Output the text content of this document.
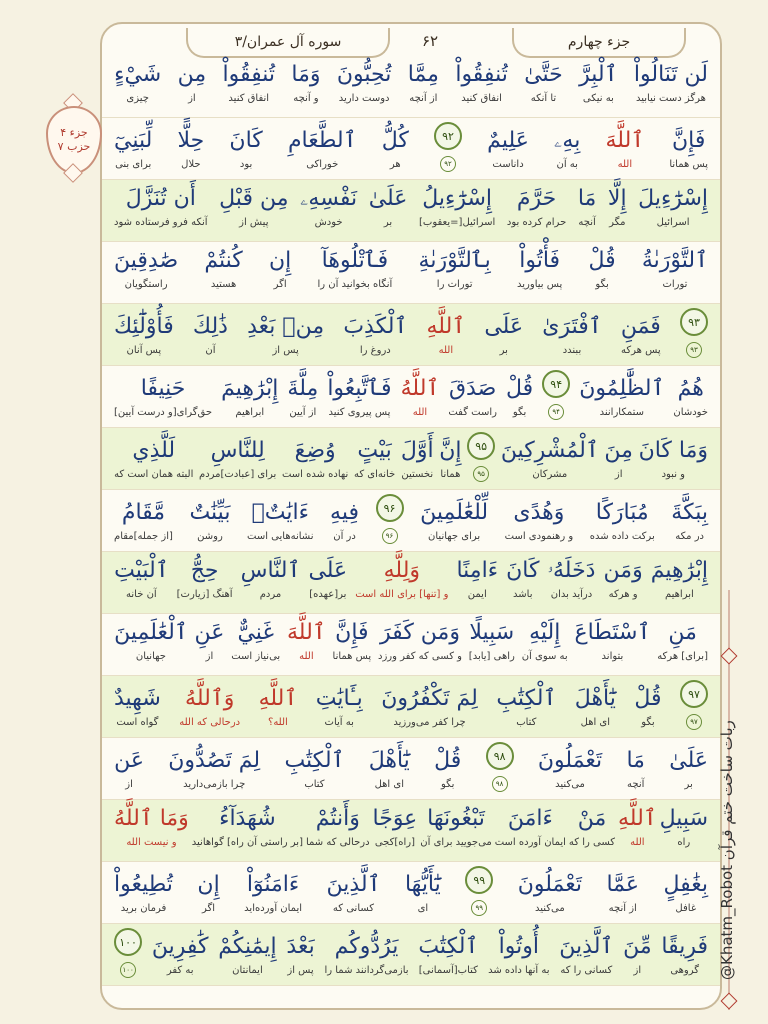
سوره آل عمران/۳	۶۲	جزء چهارم
جزء ۴
حزب ۷
لَن تَنَالُواْ
هرگز دست نیابید
ٱلْبِرَّ
به نیکی
حَتَّىٰ
تا آنکه
تُنفِقُواْ
انفاق کنید
مِمَّا
از آنچه
تُحِبُّونَ
دوست دارید
وَمَا
و آنچه
تُنفِقُواْ
انفاق کنید
مِن
از
شَيْءٍ
چیزی
فَإِنَّ
پس همانا
ٱللَّهَ
الله
بِهِۦ
به آن
عَلِيمٌ
داناست
۹۲
۹۲
كُلُّ
هر
ٱلطَّعَامِ
خوراکی
كَانَ
بود
حِلًّا
حلال
لِّبَنِيٓ
برای بنی
إِسْرَٰٓءِيلَ
اسرائیل
إِلَّا
مگر
مَا
آنچه
حَرَّمَ
حرام کرده بود
إِسْرَٰٓءِيلُ
اسرائیل[=یعقوب]
عَلَىٰ
بر
نَفْسِهِۦ
خودش
مِن قَبْلِ
پیش از
أَن تُنَزَّلَ
آنکه فرو فرستاده شود
ٱلتَّوْرَىٰةُ
تورات
قُلْ
بگو
فَأْتُواْ
پس بیاورید
بِٱلتَّوْرَىٰةِ
تورات را
فَٱتْلُوهَآ
آنگاه بخوانید آن را
إِن
اگر
كُنتُمْ
هستید
صَٰدِقِينَ
راستگویان
۹۳
۹۳
فَمَنِ
پس هرکه
ٱفْتَرَىٰ
ببندد
عَلَى
بر
ٱللَّهِ
الله
ٱلْكَذِبَ
دروغ را
مِنۢ بَعْدِ
پس از
ذَٰلِكَ
آن
فَأُوْلَٰٓئِكَ
پس آنان
هُمُ
خودشان
ٱلظَّٰلِمُونَ
ستمکارانند
۹۴
۹۴
قُلْ
بگو
صَدَقَ
راست گفت
ٱللَّهُ
الله
فَٱتَّبِعُواْ
پس پیروی کنید
مِلَّةَ
از آیین
إِبْرَٰهِيمَ
ابراهیم
حَنِيفًا
حق‌گرای[و درست آیین]
وَمَا كَانَ
و نبود
مِنَ
از
ٱلْمُشْرِكِينَ
مشرکان
۹۵
۹۵
إِنَّ
همانا
أَوَّلَ
نخستین
بَيْتٍ
خانه‌ای که
وُضِعَ
نهاده شده است
لِلنَّاسِ
برای [عبادت]مردم
لَلَّذِي
البته همان است که
بِبَكَّةَ
در مکه
مُبَارَكًا
برکت داده شده
وَهُدًى
و رهنمودی است
لِّلْعَٰلَمِينَ
برای جهانیان
۹۶
۹۶
فِيهِ
در آن
ءَايَٰتٌۢ
نشانه‌هایی است
بَيِّنَٰتٌ
روشن
مَّقَامُ
[از جمله]مقام
إِبْرَٰهِيمَ
ابراهیم
وَمَن
و هرکه
دَخَلَهُۥ
درآید بدان
كَانَ
باشد
ءَامِنًا
ایمن
وَلِلَّهِ
و [تنها] برای الله است
عَلَى
بر[عهده]
ٱلنَّاسِ
مردم
حِجُّ
آهنگ [زیارت]
ٱلْبَيْتِ
آن خانه
مَنِ
[برای] هرکه
ٱسْتَطَاعَ
بتواند
إِلَيْهِ
به سوی آن
سَبِيلًا
راهی [یابد]
وَمَن كَفَرَ
و کسی که کفر ورزد
فَإِنَّ
پس همانا
ٱللَّهَ
الله
غَنِيٌّ
بی‌نیاز است
عَنِ
از
ٱلْعَٰلَمِينَ
جهانیان
۹۷
۹۷
قُلْ
بگو
يَٰٓأَهْلَ
ای اهل
ٱلْكِتَٰبِ
کتاب
لِمَ تَكْفُرُونَ
چرا کفر می‌ورزید
بِـَٔايَٰتِ
به آیات
ٱللَّهِ
الله؟
وَٱللَّهُ
درحالی که الله
شَهِيدٌ
گواه است
عَلَىٰ
بر
مَا
آنچه
تَعْمَلُونَ
می‌کنید
۹۸
۹۸
قُلْ
بگو
يَٰٓأَهْلَ
ای اهل
ٱلْكِتَٰبِ
کتاب
لِمَ تَصُدُّونَ
چرا بازمی‌دارید
عَن
از
سَبِيلِ
راه
ٱللَّهِ
الله
مَنْ
کسی را که
ءَامَنَ
ایمان آورده است
تَبْغُونَهَا
می‌جویید برای آن
عِوَجًا
[راه]کجی
وَأَنتُمْ
درحالی که شما
شُهَدَآءُ
[بر راستی آن راه] گواهانید
وَمَا ٱللَّهُ
و نیست الله
بِغَٰفِلٍ
غافل
عَمَّا
از آنچه
تَعْمَلُونَ
می‌کنید
۹۹
۹۹
يَٰٓأَيُّهَا
ای
ٱلَّذِينَ
کسانی که
ءَامَنُوٓاْ
ایمان آورده‌اید
إِن
اگر
تُطِيعُواْ
فرمان برید
فَرِيقًا
گروهی
مِّنَ
از
ٱلَّذِينَ
کسانی را که
أُوتُواْ
به آنها داده شد
ٱلْكِتَٰبَ
کتاب[آسمانی]
يَرُدُّوكُم
بازمی‌گردانند شما را
بَعْدَ
پس از
إِيمَٰنِكُمْ
ایمانتان
كَٰفِرِينَ
به کفر
۱۰۰
۱۰۰	@Khatm_Robot ربات ساخت ختم قرآن
